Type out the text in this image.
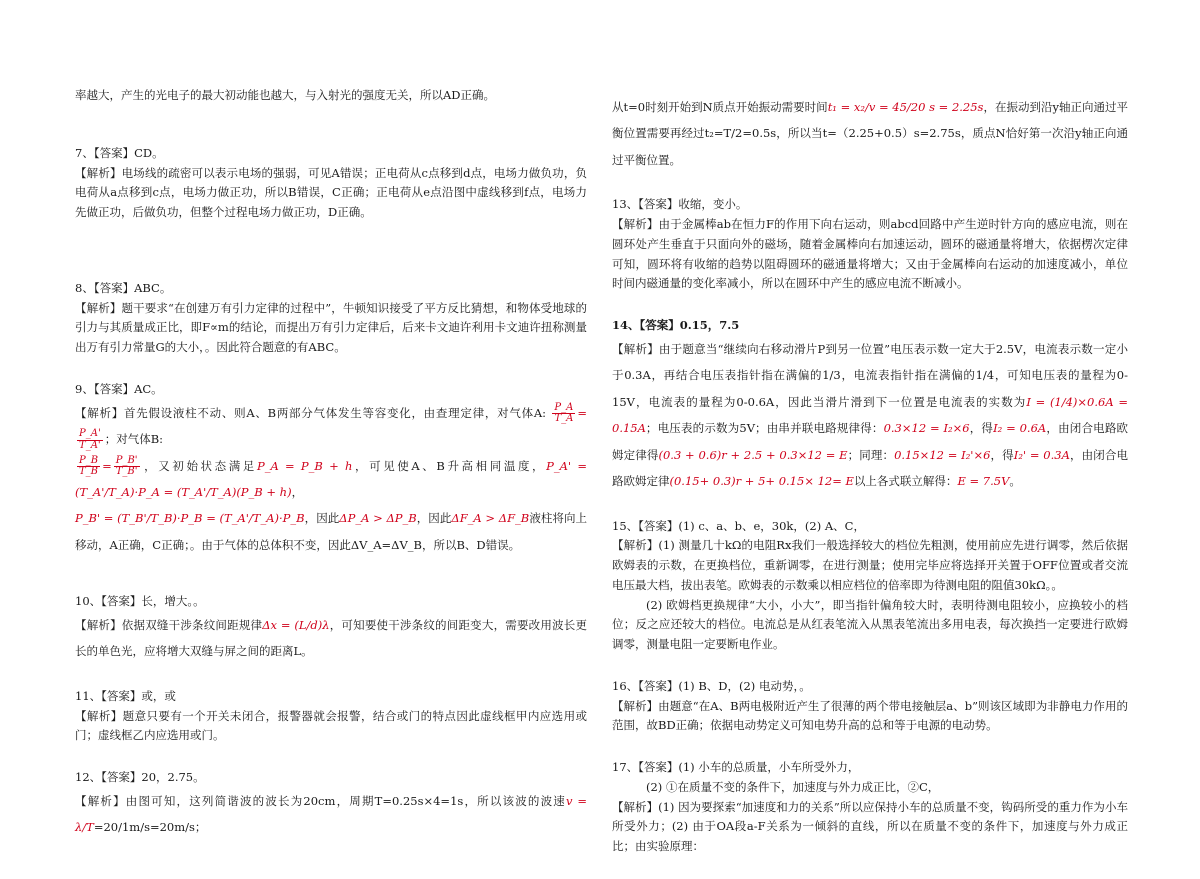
率越大，产生的光电子的最大初动能也越大，与入射光的强度无关，所以AD正确。

7、【答案】CD。

【解析】电场线的疏密可以表示电场的强弱，可见A错误；正电荷从c点移到d点，电场力做负功，负电荷从a点移到c点，电场力做正功，所以B错误，C正确；正电荷从e点沿图中虚线移到f点，电场力先做正功，后做负功，但整个过程电场力做正功，D正确。

8、【答案】ABC。

【解析】题干要求“在创建万有引力定律的过程中”，牛顿知识接受了平方反比猜想，和物体受地球的引力与其质量成正比，即F∝m的结论，而提出万有引力定律后，后来卡文迪许利用卡文迪许扭称测量出万有引力常量G的大小，。因此符合题意的有ABC。

9、【答案】AC。

【解析】首先假设液柱不动、则A、B两部分气体发生等容变化，由查理定律，对气体A: $\frac{P\_A}{T\_A}$ =
$\frac{P\_A'}{T\_A'}$ ；对气体B:

$\frac{P\_B}{T\_B} = \frac{P\_B'}{T\_B'}$ ，又初始状态满足P_A = P_B + h，可见使A、B升高相同温度，P_A' = (T_A'/T_A)·P_A = (T_A'/T_A)(P_B + h)，

P_B' = (T_B'/T_B)·P_B = (T_A'/T_A)·P_B，因此ΔP_A > ΔP_B，因此ΔF_A > ΔF_B液柱将向上移动，A正确，C正确；。由于气体的总体积不变，因此ΔV_A=ΔV_B，所以B、D错误。

10、【答案】长，增大。。

【解析】依据双缝干涉条纹间距规律Δx = (L/d)λ，可知要使干涉条纹的间距变大，需要改用波长更长的单色光，应将增大双缝与屏之间的距离L。

11、【答案】或，或

【解析】题意只要有一个开关未闭合，报警器就会报警，结合或门的特点因此虚线框甲内应选用或门；虚线框乙内应选用或门。

12、【答案】20，2.75。

【解析】由图可知，这列简谐波的波长为20cm，周期T=0.25s×4=1s，所以该波的波速v = λ/T=20/1m/s=20m/s；

从t=0时刻开始到N质点开始振动需要时间t₁ = x₂/v = 45/20 s = 2.25s，在振动到沿y轴正向通过平衡位置需要再经过t₂=T/2=0.5s，所以当t=（2.25+0.5）s=2.75s，质点N恰好第一次沿y轴正向通过平衡位置。

13、【答案】收缩，变小。

【解析】由于金属棒ab在恒力F的作用下向右运动，则abcd回路中产生逆时针方向的感应电流，则在圆环处产生垂直于只面向外的磁场，随着金属棒向右加速运动，圆环的磁通量将增大，依据楞次定律可知，圆环将有收缩的趋势以阻碍圆环的磁通量将增大；又由于金属棒向右运动的加速度减小，单位时间内磁通量的变化率减小，所以在圆环中产生的感应电流不断减小。

14、【答案】0.15，7.5

【解析】由于题意当“继续向右移动滑片P到另一位置”电压表示数一定大于2.5V，电流表示数一定小于0.3A，再结合电压表指针指在满偏的1/3，电流表指针指在满偏的1/4，可知电压表的量程为0-15V，电流表的量程为0-0.6A，因此当滑片滑到下一位置是电流表的实数为I = (1/4)×0.6A = 0.15A；电压表的示数为5V；由串并联电路规律得：0.3×12 = I₂×6，得I₂ = 0.6A，由闭合电路欧姆定律得(0.3 + 0.6)r + 2.5 + 0.3×12 = E；同理：0.15×12 = I₂'×6，得I₂' = 0.3A，由闭合电路欧姆定律(0.15+ 0.3)r + 5+ 0.15× 12= E以上各式联立解得：E = 7.5V。

15、【答案】(1) c、a、b、e，30k，(2) A、C，

【解析】(1) 测量几十kΩ的电阻Rx我们一般选择较大的档位先粗测，使用前应先进行调零，然后依据欧姆表的示数，在更换档位，重新调零，在进行测量；使用完毕应将选择开关置于OFF位置或者交流电压最大档，拔出表笔。欧姆表的示数乘以相应档位的倍率即为待测电阻的阻值30kΩ。。

(2) 欧姆档更换规律“大小，小大”，即当指针偏角较大时，表明待测电阻较小，应换较小的档位；反之应还较大的档位。电流总是从红表笔流入从黑表笔流出多用电表，每次换挡一定要进行欧姆调零，测量电阻一定要断电作业。

16、【答案】(1) B、D，(2) 电动势，。

【解析】由题意“在A、B两电极附近产生了很薄的两个带电接触层a、b”则该区域即为非静电力作用的范围，故BD正确；依据电动势定义可知电势升高的总和等于电源的电动势。

17、【答案】(1) 小车的总质量，小车所受外力，

(2) ①在质量不变的条件下，加速度与外力成正比，②C，

【解析】(1) 因为要探索“加速度和力的关系”所以应保持小车的总质量不变，钩码所受的重力作为小车所受外力；(2) 由于OA段a-F关系为一倾斜的直线，所以在质量不变的条件下，加速度与外力成正比；由实验原理：
